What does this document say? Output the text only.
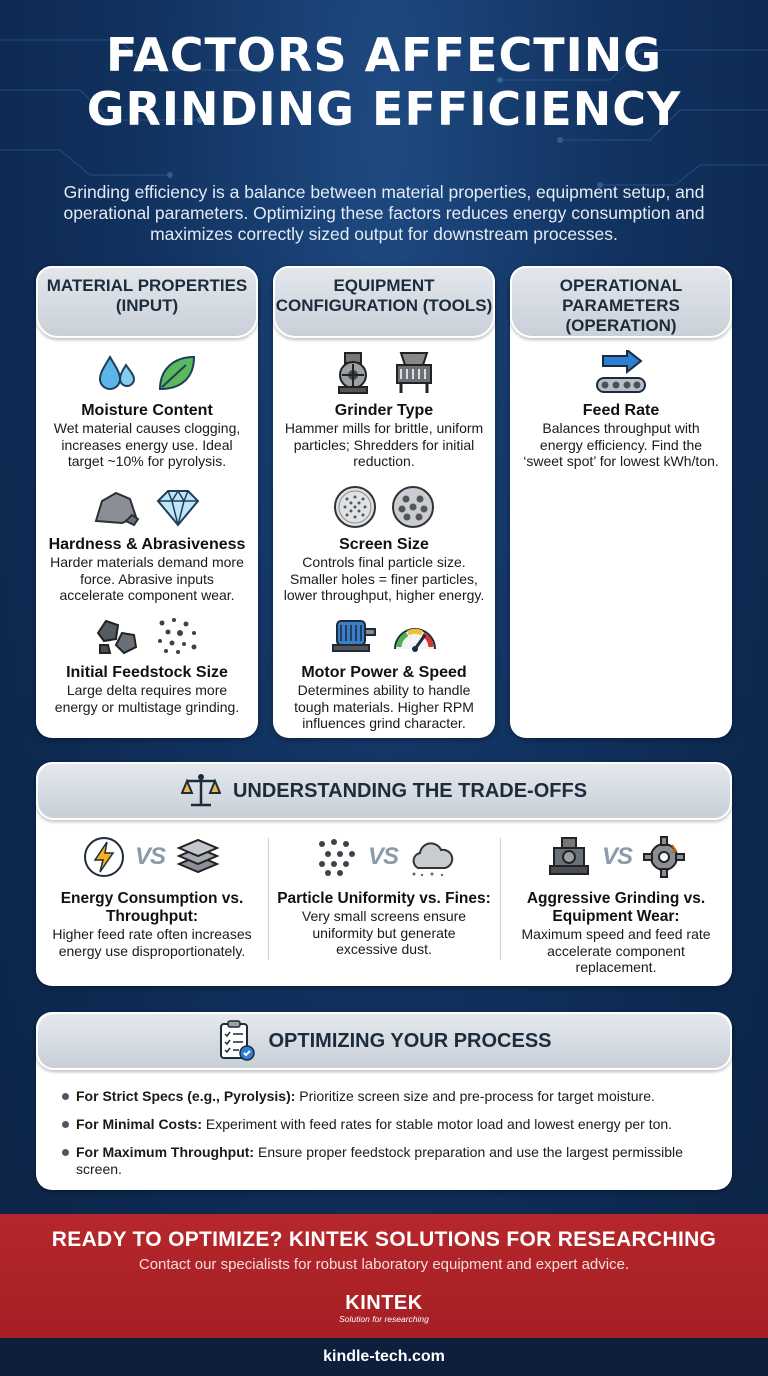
FACTORS AFFECTING GRINDING EFFICIENCY

Grinding efficiency is a balance between material properties, equipment setup, and operational parameters. Optimizing these factors reduces energy consumption and maximizes correctly sized output for downstream processes.

MATERIAL PROPERTIES (INPUT)
Moisture Content
Wet material causes clogging, increases energy use. Ideal target ~10% for pyrolysis.
Hardness & Abrasiveness
Harder materials demand more force. Abrasive inputs accelerate component wear.
Initial Feedstock Size
Large delta requires more energy or multistage grinding.
EQUIPMENT CONFIGURATION (TOOLS)
Grinder Type
Hammer mills for brittle, uniform particles; Shredders for initial reduction.
Screen Size
Controls final particle size. Smaller holes = finer particles, lower throughput, higher energy.
Motor Power & Speed
Determines ability to handle tough materials. Higher RPM influences grind character.
OPERATIONAL PARAMETERS (OPERATION)
Feed Rate
Balances throughput with energy efficiency. Find the ‘sweet spot’ for lowest kWh/ton.
UNDERSTANDING THE TRADE-OFFS
VS
Energy Consumption vs. Throughput:
Higher feed rate often increases energy use disproportionately.
VS
Particle Uniformity vs. Fines:
Very small screens ensure uniformity but generate excessive dust.
VS
Aggressive Grinding vs. Equipment Wear:
Maximum speed and feed rate accelerate component replacement.
OPTIMIZING YOUR PROCESS
For Strict Specs (e.g., Pyrolysis): Prioritize screen size and pre-process for target moisture.
For Minimal Costs: Experiment with feed rates for stable motor load and lowest energy per ton.
For Maximum Throughput: Ensure proper feedstock preparation and use the largest permissible screen.
READY TO OPTIMIZE? KINTEK SOLUTIONS FOR RESEARCHING
Contact our specialists for robust laboratory equipment and expert advice.
KINTEK
Solution for researching
kindle-tech.com
